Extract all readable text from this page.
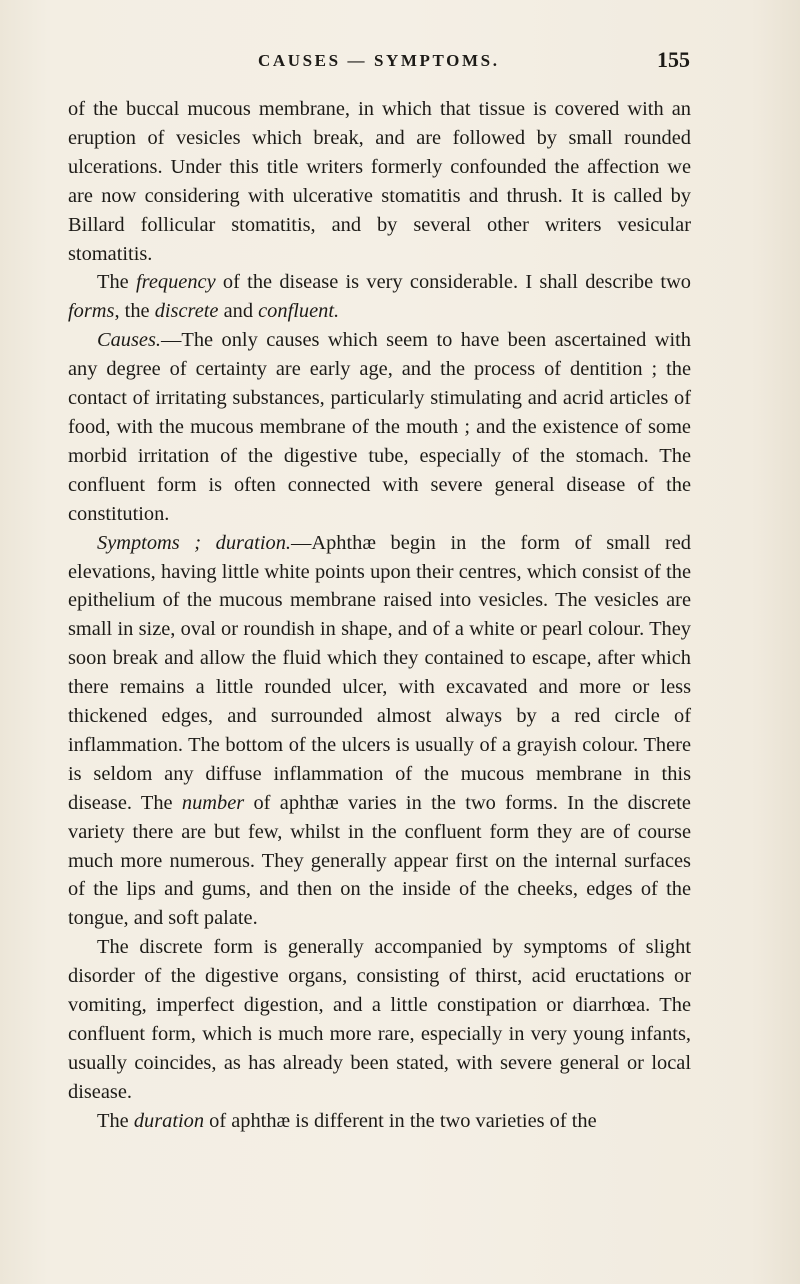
CAUSES — SYMPTOMS.	155

of the buccal mucous membrane, in which that tissue is covered with an eruption of vesicles which break, and are followed by small rounded ulcerations. Under this title writers formerly confounded the affection we are now considering with ulcerative stomatitis and thrush. It is called by Billard follicular stomatitis, and by several other writers vesicular stomatitis.

The frequency of the disease is very considerable. I shall describe two forms, the discrete and confluent.

Causes.—The only causes which seem to have been ascertained with any degree of certainty are early age, and the process of dentition ; the contact of irritating substances, particularly stimulating and acrid articles of food, with the mucous membrane of the mouth ; and the existence of some morbid irritation of the digestive tube, especially of the stomach. The confluent form is often connected with severe general disease of the constitution.

Symptoms ; duration.—Aphthæ begin in the form of small red elevations, having little white points upon their centres, which consist of the epithelium of the mucous membrane raised into vesicles. The vesicles are small in size, oval or roundish in shape, and of a white or pearl colour. They soon break and allow the fluid which they contained to escape, after which there remains a little rounded ulcer, with excavated and more or less thickened edges, and surrounded almost always by a red circle of inflammation. The bottom of the ulcers is usually of a grayish colour. There is seldom any diffuse inflammation of the mucous membrane in this disease. The number of aphthæ varies in the two forms. In the discrete variety there are but few, whilst in the confluent form they are of course much more numerous. They generally appear first on the internal surfaces of the lips and gums, and then on the inside of the cheeks, edges of the tongue, and soft palate.

The discrete form is generally accompanied by symptoms of slight disorder of the digestive organs, consisting of thirst, acid eructations or vomiting, imperfect digestion, and a little constipation or diarrhœa. The confluent form, which is much more rare, especially in very young infants, usually coincides, as has already been stated, with severe general or local disease.

The duration of aphthæ is different in the two varieties of the
